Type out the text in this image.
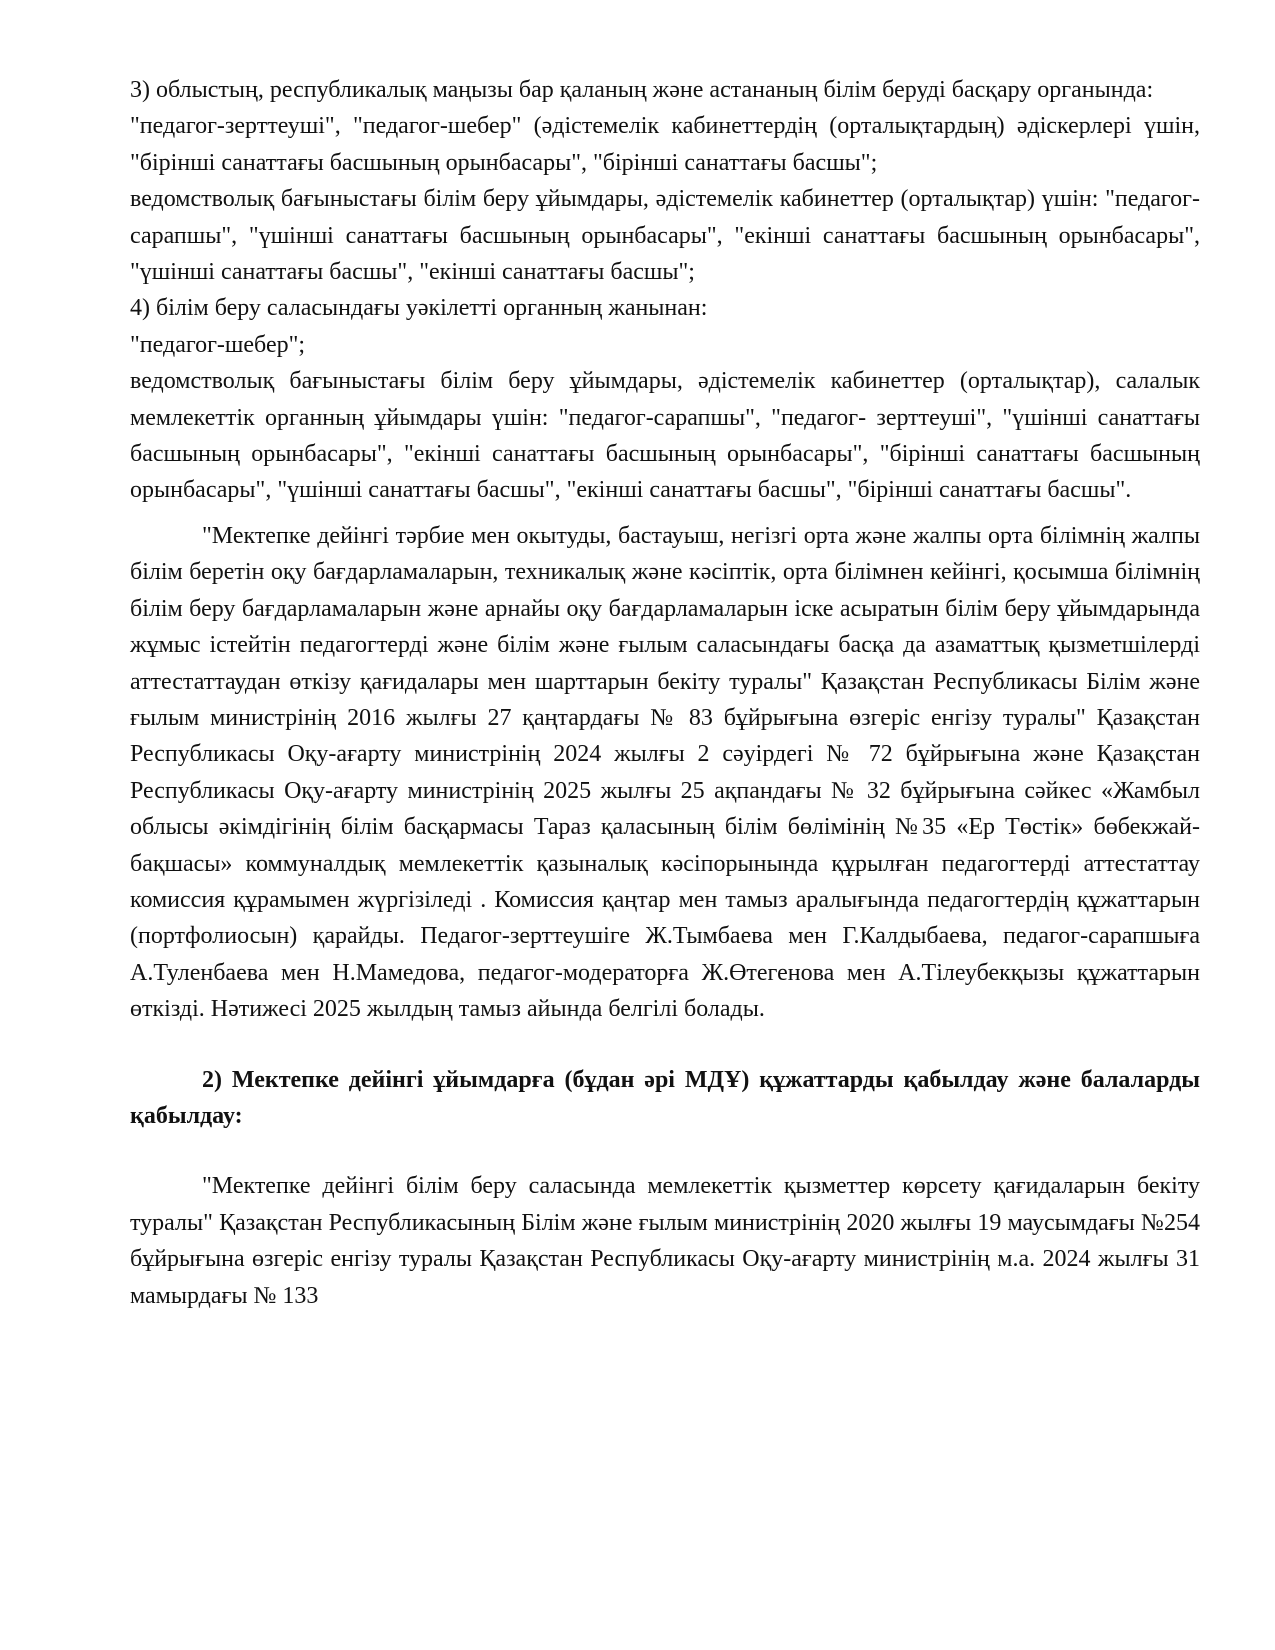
3) облыстың, республикалық маңызы бар қаланың және астананың білім беруді басқару органында:

"педагог-зерттеуші", "педагог-шебер" (әдістемелік кабинеттердің (орталықтардың) әдіскерлері үшін, "бірінші санаттағы басшының орынбасары", "бірінші санаттағы басшы";

ведомстволық бағыныстағы білім беру ұйымдары, әдістемелік кабинеттер (орталықтар) үшін: "педагог-сарапшы", "үшінші санаттағы басшының орынбасары", "екінші санаттағы басшының орынбасары", "үшінші санаттағы басшы", "екінші санаттағы басшы";

4) білім беру саласындағы уәкілетті органның жанынан:

"педагог-шебер";

ведомстволық бағыныстағы білім беру ұйымдары, әдістемелік кабинеттер (орталықтар), салалык мемлекеттік органның ұйымдары үшін: "педагог-сарапшы", "педагог- зерттеуші", "үшінші санаттағы басшының орынбасары", "екінші санаттағы басшының орынбасары", "бірінші санаттағы басшының орынбасары", "үшінші санаттағы басшы", "екінші санаттағы басшы", "бірінші санаттағы басшы".

"Мектепке дейінгі тәрбие мен окытуды, бастауыш, негізгі орта және жалпы орта білімнің жалпы білім беретін оқу бағдарламаларын, техникалық және кәсіптік, орта білімнен кейінгі, қосымша білімнің білім беру бағдарламаларын және арнайы оқу бағдарламаларын іске асыратын білім беру ұйымдарында жұмыс істейтін педагогтерді және білім және ғылым саласындағы басқа да азаматтық қызметшілерді аттестаттаудан өткізу қағидалары мен шарттарын бекіту туралы" Қазақстан Республикасы Білім және ғылым министрінің 2016 жылғы 27 қаңтардағы № 83 бұйрығына өзгеріс енгізу туралы" Қазақстан Республикасы Оқу-ағарту министрінің 2024 жылғы 2 сәуірдегі № 72 бұйрығына және Қазақстан Республикасы Оқу-ағарту министрінің 2025 жылғы 25 ақпандағы № 32 бұйрығына сәйкес «Жамбыл облысы әкімдігінің білім басқармасы Тараз қаласының білім бөлімінің №35 «Ер Төстік» бөбекжай-бақшасы» коммуналдық мемлекеттік қазыналық кәсіпорынында құрылған педагогтерді аттестаттау комиссия құрамымен жүргізіледі . Комиссия қаңтар мен тамыз аралығында педагогтердің құжаттарын (портфолиосын) қарайды. Педагог-зерттеушіге Ж.Тымбаева мен Г.Калдыбаева, педагог-сарапшыға А.Туленбаева мен Н.Мамедова, педагог-модераторға Ж.Өтегенова мен А.Тілеубекқызы құжаттарын өткізді. Нәтижесі 2025 жылдың тамыз айында белгілі болады.

2) Мектепке дейінгі ұйымдарға (бұдан әрі МДҰ) құжаттарды қабылдау және балаларды қабылдау:

"Мектепке дейінгі білім беру саласында мемлекеттік қызметтер көрсету қағидаларын бекіту туралы" Қазақстан Республикасының Білім және ғылым министрінің 2020 жылғы 19 маусымдағы №254 бұйрығына өзгеріс енгізу туралы Қазақстан Республикасы Оқу-ағарту министрінің м.а. 2024 жылғы 31 мамырдағы № 133
